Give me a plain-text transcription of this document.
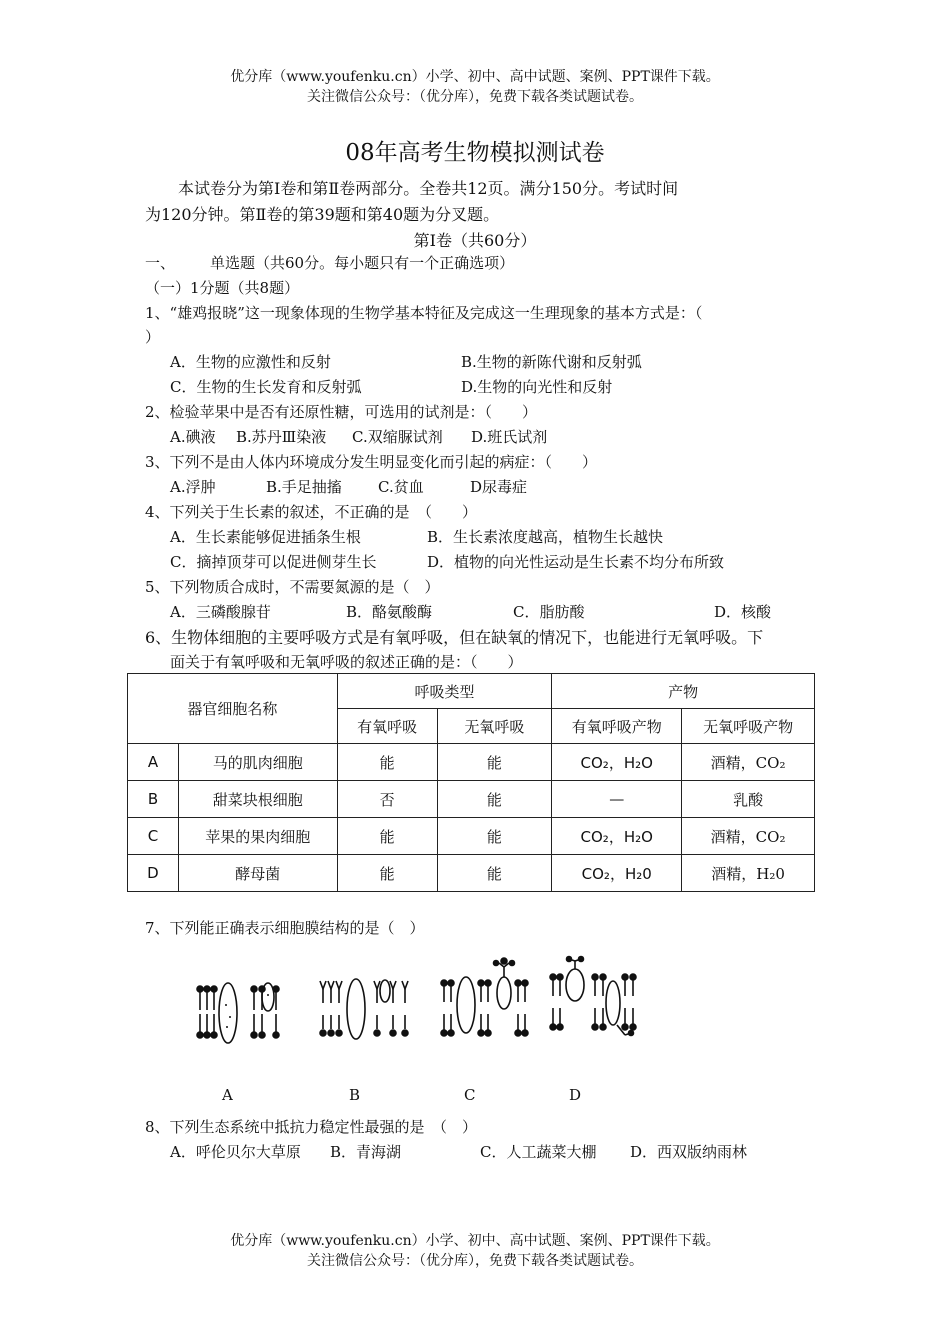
优分库（www.youfenku.cn）小学、初中、高中试题、案例、PPT课件下载。
关注微信公众号：（优分库），免费下载各类试题试卷。
08年高考生物模拟测试卷
本试卷分为第Ⅰ卷和第Ⅱ卷两部分。全卷共12页。满分150分。考试时间
为120分钟。第Ⅱ卷的第39题和第40题为分叉题。
第Ⅰ卷（共60分）
一、 单选题（共60分。每小题只有一个正确选项）
（一）1分题（共8题）
1、“雄鸡报晓”这一现象体现的生物学基本特征及完成这一生理现象的基本方式是：（
）
A．生物的应激性和反射	B.生物的新陈代谢和反射弧
C．生物的生长发育和反射弧	D.生物的向光性和反射
2、检验苹果中是否有还原性糖，可选用的试剂是：（　　）
A.碘液 B.苏丹Ⅲ染液 C.双缩脲试剂 D.班氏试剂
3、下列不是由人体内环境成分发生明显变化而引起的病症：（　　）
A.浮肿	B.手足抽搐 C.贫血	D尿毒症
4、下列关于生长素的叙述，不正确的是　（　　）
A．生长素能够促进插条生根	B．生长素浓度越高，植物生长越快
C．摘掉顶芽可以促进侧芽生长	D．植物的向光性运动是生长素不均分布所致
5、下列物质合成时，不需要氮源的是（　）
A．三磷酸腺苷	B．酪氨酸酶	C．脂肪酸	D．核酸
6、生物体细胞的主要呼吸方式是有氧呼吸，但在缺氧的情况下，也能进行无氧呼吸。下
面关于有氧呼吸和无氧呼吸的叙述正确的是：（　　）
器官细胞名称		呼吸类型		产物	
		有氧呼吸	无氧呼吸	有氧呼吸产物	无氧呼吸产物
A	马的肌肉细胞	能	能	CO₂，H₂O	酒精，CO₂
B	甜菜块根细胞	否	能	—	乳酸
C	苹果的果肉细胞	能	能	CO₂，H₂O	酒精，CO₂
D	酵母菌	能	能	CO₂，H₂0	酒精，H₂0
7、下列能正确表示细胞膜结构的是（　）
A	B	C	D
8、下列生态系统中抵抗力稳定性最强的是　（　）
A．呼伦贝尔大草原 B．青海湖	C．人工蔬菜大棚 D．西双版纳雨林
优分库（www.youfenku.cn）小学、初中、高中试题、案例、PPT课件下载。
关注微信公众号：（优分库），免费下载各类试题试卷。
